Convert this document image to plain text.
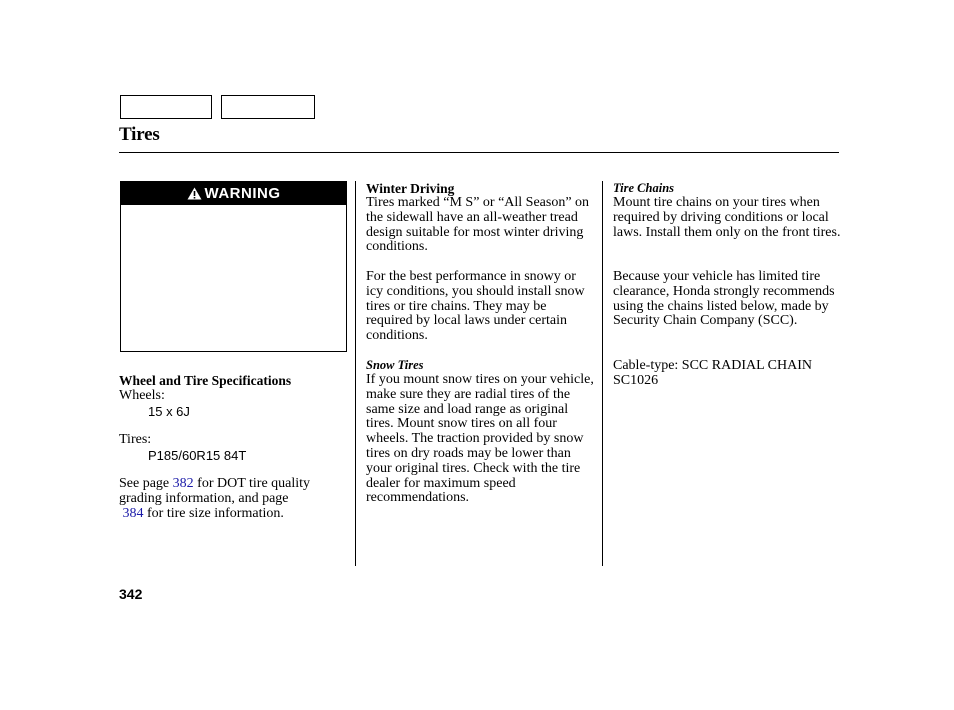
Tires
WARNING
Wheel and Tire Specifications
Wheels:
15 x 6J
Tires:
P185/60R15 84T
See page 382 for DOT tire quality grading information, and page
384 for tire size information.
Winter Driving
Tires marked “M S” or “All Season” on the sidewall have an all-weather tread design suitable for most winter driving conditions.
For the best performance in snowy or icy conditions, you should install snow tires or tire chains. They may be required by local laws under certain conditions.
Snow Tires
If you mount snow tires on your vehicle, make sure they are radial tires of the same size and load range as original tires. Mount snow tires on all four wheels. The traction provided by snow tires on dry roads may be lower than your original tires. Check with the tire dealer for maximum speed recommendations.
Tire Chains
Mount tire chains on your tires when required by driving conditions or local laws. Install them only on the front tires.
Because your vehicle has limited tire clearance, Honda strongly recommends using the chains listed below, made by Security Chain Company (SCC).
Cable-type: SCC RADIAL CHAIN SC1026
342
